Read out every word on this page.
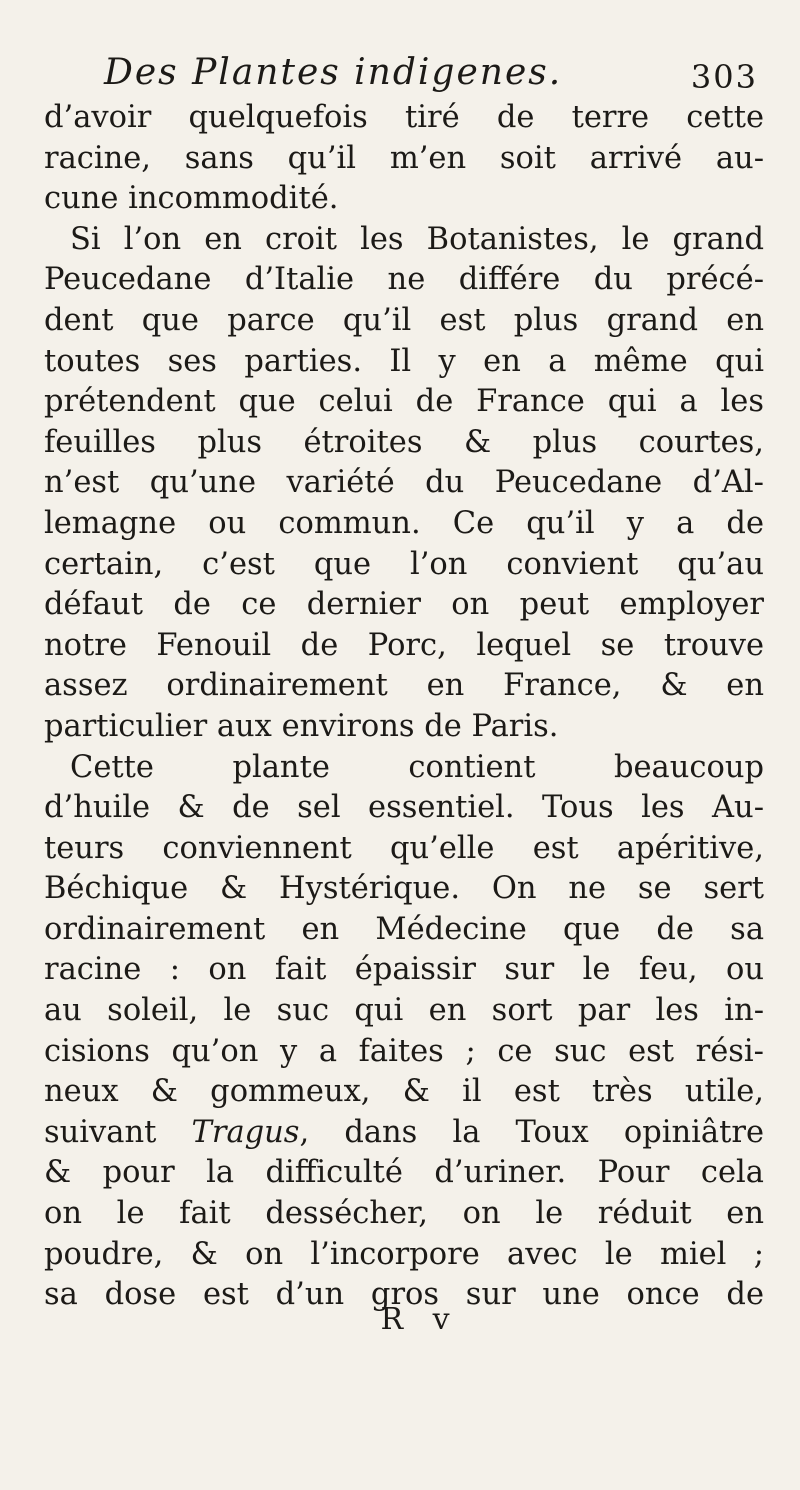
Des Plantes indigenes.	303
d’avoir quelquefois tiré de terre cette
racine, sans qu’il m’en soit arrivé au-
cune incommodité.
Si l’on en croit les Botanistes, le grand
Peucedane d’Italie ne différe du précé-
dent que parce qu’il est plus grand en
toutes ses parties. Il y en a même qui
prétendent que celui de France qui a les
feuilles plus étroites & plus courtes,
n’est qu’une variété du Peucedane d’Al-
lemagne ou commun. Ce qu’il y a de
certain, c’est que l’on convient qu’au
défaut de ce dernier on peut employer
notre Fenouil de Porc, lequel se trouve
assez ordinairement en France, & en
particulier aux environs de Paris.
Cette plante contient beaucoup
d’huile & de sel essentiel. Tous les Au-
teurs conviennent qu’elle est apéritive,
Béchique & Hystérique. On ne se sert
ordinairement en Médecine que de sa
racine : on fait épaissir sur le feu, ou
au soleil, le suc qui en sort par les in-
cisions qu’on y a faites ; ce suc est rési-
neux & gommeux, & il est très utile,
suivant Tragus, dans la Toux opiniâtre
& pour la difficulté d’uriner. Pour cela
on le fait dessécher, on le réduit en
poudre, & on l’incorpore avec le miel ;
sa dose est d’un gros sur une once de
R v
